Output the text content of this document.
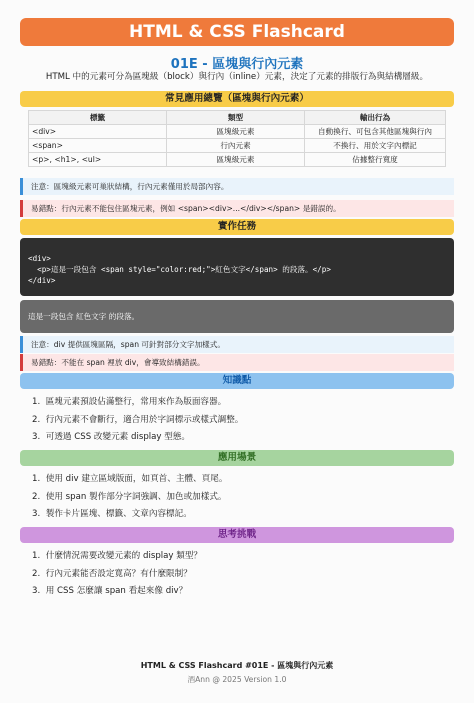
HTML & CSS Flashcard
01E - 區塊與行內元素
HTML 中的元素可分為區塊級（block）與行內（inline）元素，決定了元素的排版行為與結構層級。
常見應用總覽（區塊與行內元素）
標籤	類型	輸出行為
<div>	區塊級元素	自動換行、可包含其他區塊與行內
<span>	行內元素	不換行、用於文字內標記
<p>, <h1>, <ul>	區塊級元素	佔據整行寬度
注意：區塊級元素可巢狀結構，行內元素僅用於局部內容。
易錯點：行內元素不能包住區塊元素，例如 <span><div>...</div></span> 是錯誤的。
實作任務
<div>
<p>這是一段包含 <span style="color:red;">紅色文字</span> 的段落。</p>
</div>
這是一段包含 紅色文字 的段落。
注意：div 提供區塊區隔，span 可針對部分文字加樣式。
易錯點：不能在 span 裡放 div，會導致結構錯誤。
知識點
1. 區塊元素預設佔滿整行，常用來作為版面容器。
2. 行內元素不會斷行，適合用於字詞標示或樣式調整。
3. 可透過 CSS 改變元素 display 型態。
應用場景
1. 使用 div 建立區域版面，如頁首、主體、頁尾。
2. 使用 span 製作部分字詞強調、加色或加樣式。
3. 製作卡片區塊、標籤、文章內容標記。
思考挑戰
1. 什麼情況需要改變元素的 display 類型？
2. 行內元素能否設定寬高？有什麼限制？
3. 用 CSS 怎麼讓 span 看起來像 div？
HTML & CSS Flashcard #01E - 區塊與行內元素
酒Ann @ 2025 Version 1.0
